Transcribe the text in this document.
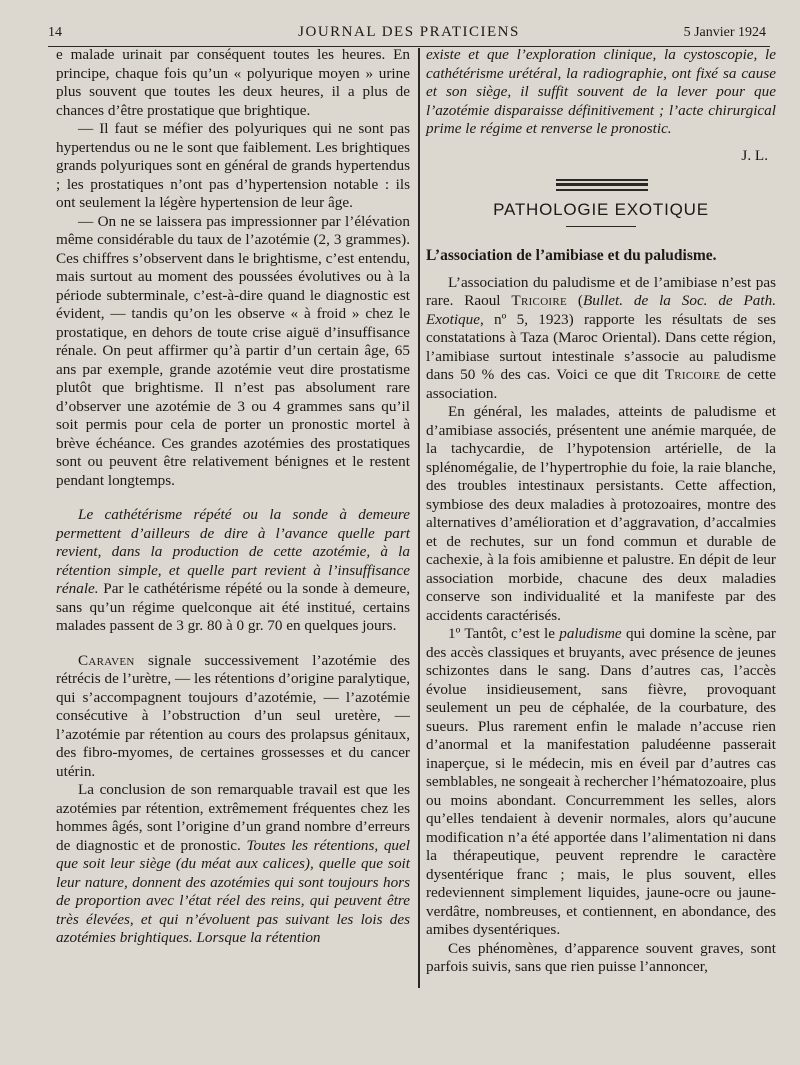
14	JOURNAL DES PRATICIENS	5 Janvier 1924

e malade urinait par conséquent toutes les heures. En principe, chaque fois qu’un « polyurique moyen » urine plus souvent que toutes les deux heures, il a plus de chances d’être prostatique que brightique.

— Il faut se méfier des polyuriques qui ne sont pas hypertendus ou ne le sont que faiblement. Les brightiques grands polyuriques sont en général de grands hypertendus ; les prostatiques n’ont pas d’hypertension notable : ils ont seulement la légère hypertension de leur âge.

— On ne se laissera pas impressionner par l’élévation même considérable du taux de l’azotémie (2, 3 grammes). Ces chiffres s’observent dans le brightisme, c’est entendu, mais surtout au moment des poussées évolutives ou à la période subterminale, c’est-à-dire quand le diagnostic est évident, — tandis qu’on les observe « à froid » chez le prostatique, en dehors de toute crise aiguë d’insuffisance rénale. On peut affirmer qu’à partir d’un certain âge, 65 ans par exemple, grande azotémie veut dire prostatisme plutôt que brightisme. Il n’est pas absolument rare d’observer une azotémie de 3 ou 4 grammes sans qu’il soit permis pour cela de porter un pronostic mortel à brève échéance. Ces grandes azotémies des prostatiques sont ou peuvent être relativement bénignes et le restent pendant longtemps.

Le cathétérisme répété ou la sonde à demeure permettent d’ailleurs de dire à l’avance quelle part revient, dans la production de cette azotémie, à la rétention simple, et quelle part revient à l’insuffisance rénale. Par le cathétérisme répété ou la sonde à demeure, sans qu’un régime quelconque ait été institué, certains malades passent de 3 gr. 80 à 0 gr. 70 en quelques jours.

Caraven signale successivement l’azotémie des rétrécis de l’urètre, — les rétentions d’origine paralytique, qui s’accompagnent toujours d’azotémie, — l’azotémie consécutive à l’obstruction d’un seul uretère, — l’azotémie par rétention au cours des prolapsus génitaux, des fibro-myomes, de certaines grossesses et du cancer utérin.

La conclusion de son remarquable travail est que les azotémies par rétention, extrêmement fréquentes chez les hommes âgés, sont l’origine d’un grand nombre d’erreurs de diagnostic et de pronostic. Toutes les rétentions, quel que soit leur siège (du méat aux calices), quelle que soit leur nature, donnent des azotémies qui sont toujours hors de proportion avec l’état réel des reins, qui peuvent être très élevées, et qui n’évoluent pas suivant les lois des azotémies brightiques. Lorsque la rétention

existe et que l’exploration clinique, la cystoscopie, le cathétérisme urétéral, la radiographie, ont fixé sa cause et son siège, il suffit souvent de la lever pour que l’azotémie disparaisse définitivement ; l’acte chirurgical prime le régime et renverse le pronostic.

J. L.
PATHOLOGIE EXOTIQUE
L’association de l’amibiase et du paludisme.

L’association du paludisme et de l’amibiase n’est pas rare. Raoul Tricoire (Bullet. de la Soc. de Path. Exotique, nº 5, 1923) rapporte les résultats de ses constatations à Taza (Maroc Oriental). Dans cette région, l’amibiase surtout intestinale s’associe au paludisme dans 50 % des cas. Voici ce que dit Tricoire de cette association.

En général, les malades, atteints de paludisme et d’amibiase associés, présentent une anémie marquée, de la tachycardie, de l’hypotension artérielle, de la splénomégalie, de l’hypertrophie du foie, la raie blanche, des troubles intestinaux persistants. Cette affection, symbiose des deux maladies à protozoaires, montre des alternatives d’amélioration et d’aggravation, d’accalmies et de rechutes, sur un fond commun et durable de cachexie, à la fois amibienne et palustre. En dépit de leur association morbide, chacune des deux maladies conserve son individualité et la manifeste par des accidents caractérisés.

1º Tantôt, c’est le paludisme qui domine la scène, par des accès classiques et bruyants, avec présence de jeunes schizontes dans le sang. Dans d’autres cas, l’accès évolue insidieusement, sans fièvre, provoquant seulement un peu de céphalée, de la courbature, des sueurs. Plus rarement enfin le malade n’accuse rien d’anormal et la manifestation paludéenne passerait inaperçue, si le médecin, mis en éveil par d’autres cas semblables, ne songeait à rechercher l’hématozoaire, plus ou moins abondant. Concurremment les selles, alors qu’elles tendaient à devenir normales, alors qu’aucune modification n’a été apportée dans l’alimentation ni dans la thérapeutique, peuvent reprendre le caractère dysentérique franc ; mais, le plus souvent, elles redeviennent simplement liquides, jaune-ocre ou jaune-verdâtre, nombreuses, et contiennent, en abondance, des amibes dysentériques.

Ces phénomènes, d’apparence souvent graves, sont parfois suivis, sans que rien puisse l’annoncer,
